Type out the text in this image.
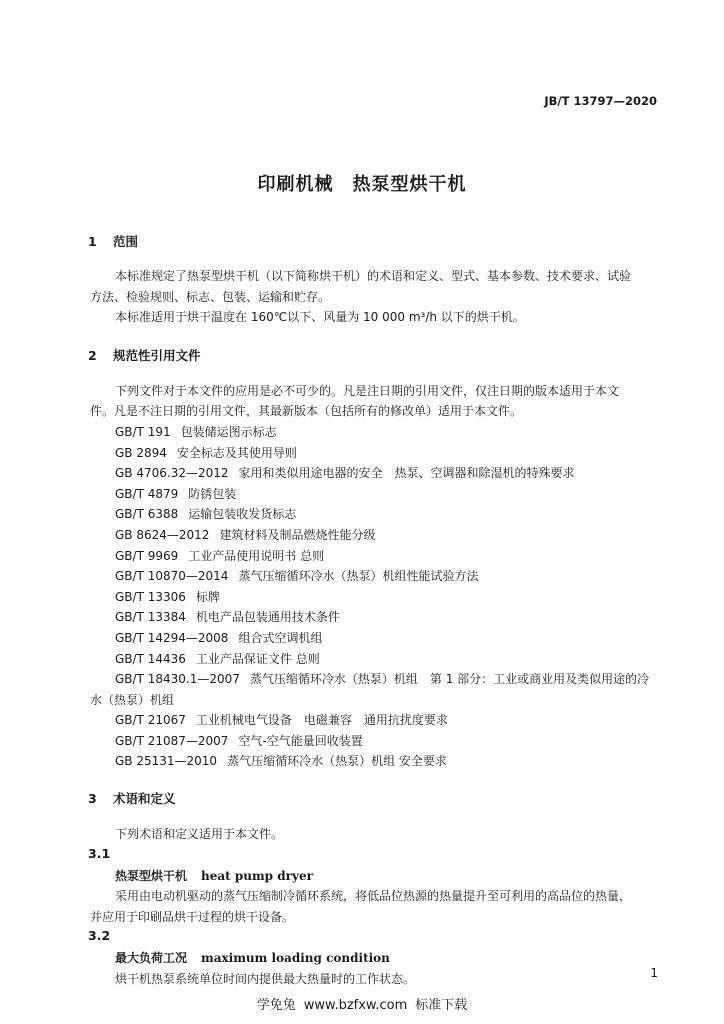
JB/T 13797—2020
印刷机械　热泵型烘干机
1 范围
本标准规定了热泵型烘干机（以下简称烘干机）的术语和定义、型式、基本参数、技术要求、试验
方法、检验规则、标志、包装、运输和贮存。
本标准适用于烘干温度在 160℃以下、风量为 10 000 m³/h 以下的烘干机。
2 规范性引用文件
下列文件对于本文件的应用是必不可少的。凡是注日期的引用文件，仅注日期的版本适用于本文
件。凡是不注日期的引用文件，其最新版本（包括所有的修改单）适用于本文件。
GB/T 191 包装储运图示标志
GB 2894 安全标志及其使用导则
GB 4706.32—2012 家用和类似用途电器的安全　热泵、空调器和除湿机的特殊要求
GB/T 4879 防锈包装
GB/T 6388 运输包装收发货标志
GB 8624—2012 建筑材料及制品燃烧性能分级
GB/T 9969 工业产品使用说明书 总则
GB/T 10870—2014 蒸气压缩循环冷水（热泵）机组性能试验方法
GB/T 13306 标牌
GB/T 13384 机电产品包装通用技术条件
GB/T 14294—2008 组合式空调机组
GB/T 14436 工业产品保证文件 总则
GB/T 18430.1—2007 蒸气压缩循环冷水（热泵）机组　第 1 部分：工业或商业用及类似用途的冷
水（热泵）机组
GB/T 21067 工业机械电气设备　电磁兼容　通用抗扰度要求
GB/T 21087—2007 空气-空气能量回收装置
GB 25131—2010 蒸气压缩循环冷水（热泵）机组 安全要求
3 术语和定义
下列术语和定义适用于本文件。
3.1
热泵型烘干机 heat pump dryer
采用由电动机驱动的蒸气压缩制冷循环系统，将低品位热源的热量提升至可利用的高品位的热量，
并应用于印刷品烘干过程的烘干设备。
3.2
最大负荷工况 maximum loading condition
烘干机热泵系统单位时间内提供最大热量时的工作状态。	1
学免兔 www.bzfxw.com 标准下载
